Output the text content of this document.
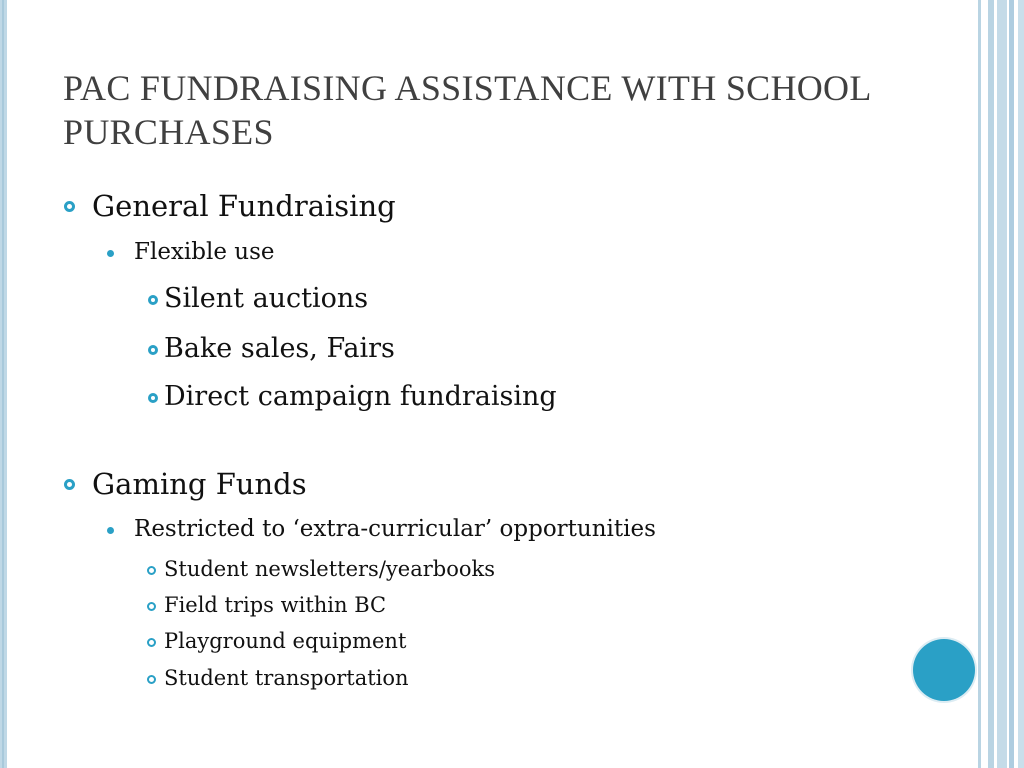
PAC FUNDRAISING ASSISTANCE WITH SCHOOL PURCHASES
General Fundraising
Flexible use
Silent auctions
Bake sales, Fairs
Direct campaign fundraising
Gaming Funds
Restricted to ‘extra-curricular’ opportunities
Student newsletters/yearbooks
Field trips within BC
Playground equipment
Student transportation
